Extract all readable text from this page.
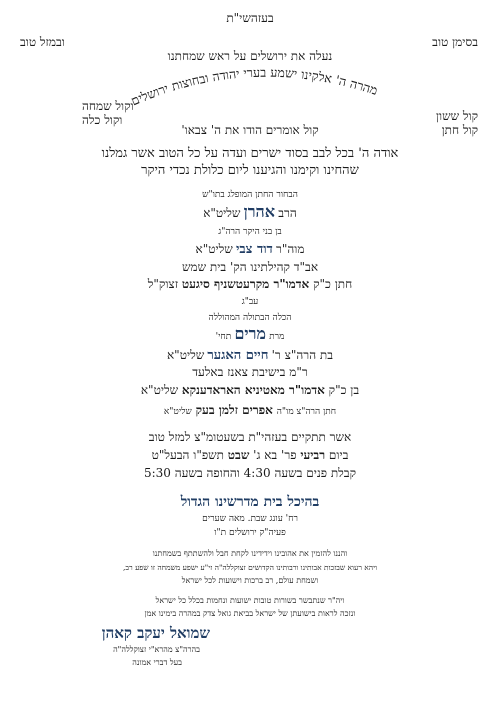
בעזהשי"ת
ובמזל טוב	בסימן טוב
נעלה את ירושלים על ראש שמחתנו
מהרה ה' אלקינו ישמע בערי יהודה ובחוצות ירושלים
וקול שמחה
וקול כלה	קול ששון
קול חתן
קול אומרים הודו את ה' צבאו'
אודה ה' בכל לבב בסוד ישרים ועדה על כל הטוב אשר גמלנו
שהחינו וקימנו והגיענו ליום כלולת נכדי היקר
הבחור החתן המופלג בתו"ש
הרב אהרן שליט"א
בן בני היקר הרה"ג
מוה"ר דוד צבי שליט"א
אב"ד קהילתינו הק' בית שמש
חתן כ"ק אדמו"ר מקרעטשניף סיגעט זצוק"ל
עב"ג
הכלה הבתולה המהוללה
מרת מרים תחי'
בת הרה"צ ר' חיים האגער שליט"א
ר"מ בישיבת צאנז באלעד
בן כ"ק אדמו"ר מאטיניא האראדענקא שליט"א
חתן הרה"צ מו"ה אפרים זלמן בעק שליט"א
אשר תתקיים בעזהי"ת בשעטומ"צ למזל טוב
ביום רביעי פר' בא ג' שבט תשפ"ו הבעל"ט
קבלת פנים בשעה 4:30 והחופה בשעה 5:30
בהיכל בית מדרשינו הגדול
רח' עונג שבת. מאה שערים
פעיה"ק ירושלים ת"ו
והננו להזמין את אהובינו וידידינו לקחת חבל ולהשתתף בשמחתנו
ויהא רעוא שבזכות אבותינו ורבותינו הקדושים זצוקללה"ה זי"ע ישפע משמחה זו שפע רב,
ושמחת עולם, רב ברכות וישועות לכל ישראל
ויה"ר שנתבשר בשורות טובות ישועות ונחמות בכלל כל ישראל
ונזכה לראות בישועתן של ישראל בביאת גואל צדק במהרה בימינו אמן
שמואל יעקב קאהן
בהרה"צ מהרא"י זצוקללה"ה
בעל דברי אמונה
